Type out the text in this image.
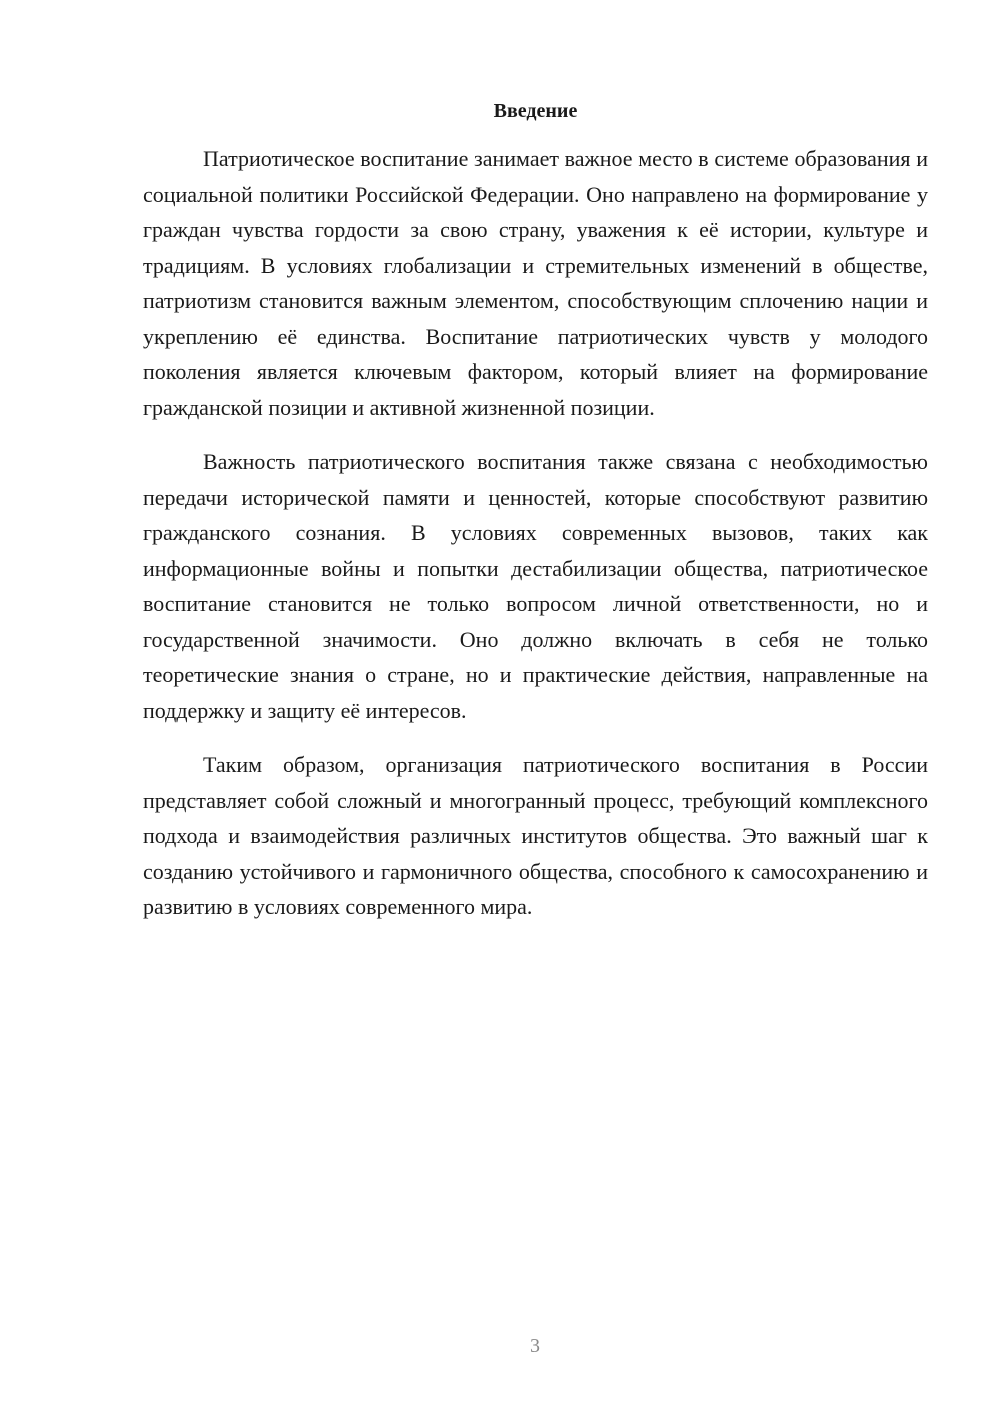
Введение

Патриотическое воспитание занимает важное место в системе образования и социальной политики Российской Федерации. Оно направлено на формирование у граждан чувства гордости за свою страну, уважения к её истории, культуре и традициям. В условиях глобализации и стремительных изменений в обществе, патриотизм становится важным элементом, способствующим сплочению нации и укреплению её единства. Воспитание патриотических чувств у молодого поколения является ключевым фактором, который влияет на формирование гражданской позиции и активной жизненной позиции.

Важность патриотического воспитания также связана с необходимостью передачи исторической памяти и ценностей, которые способствуют развитию гражданского сознания. В условиях современных вызовов, таких как информационные войны и попытки дестабилизации общества, патриотическое воспитание становится не только вопросом личной ответственности, но и государственной значимости. Оно должно включать в себя не только теоретические знания о стране, но и практические действия, направленные на поддержку и защиту её интересов.

Таким образом, организация патриотического воспитания в России представляет собой сложный и многогранный процесс, требующий комплексного подхода и взаимодействия различных институтов общества. Это важный шаг к созданию устойчивого и гармоничного общества, способного к самосохранению и развитию в условиях современного мира.

3
